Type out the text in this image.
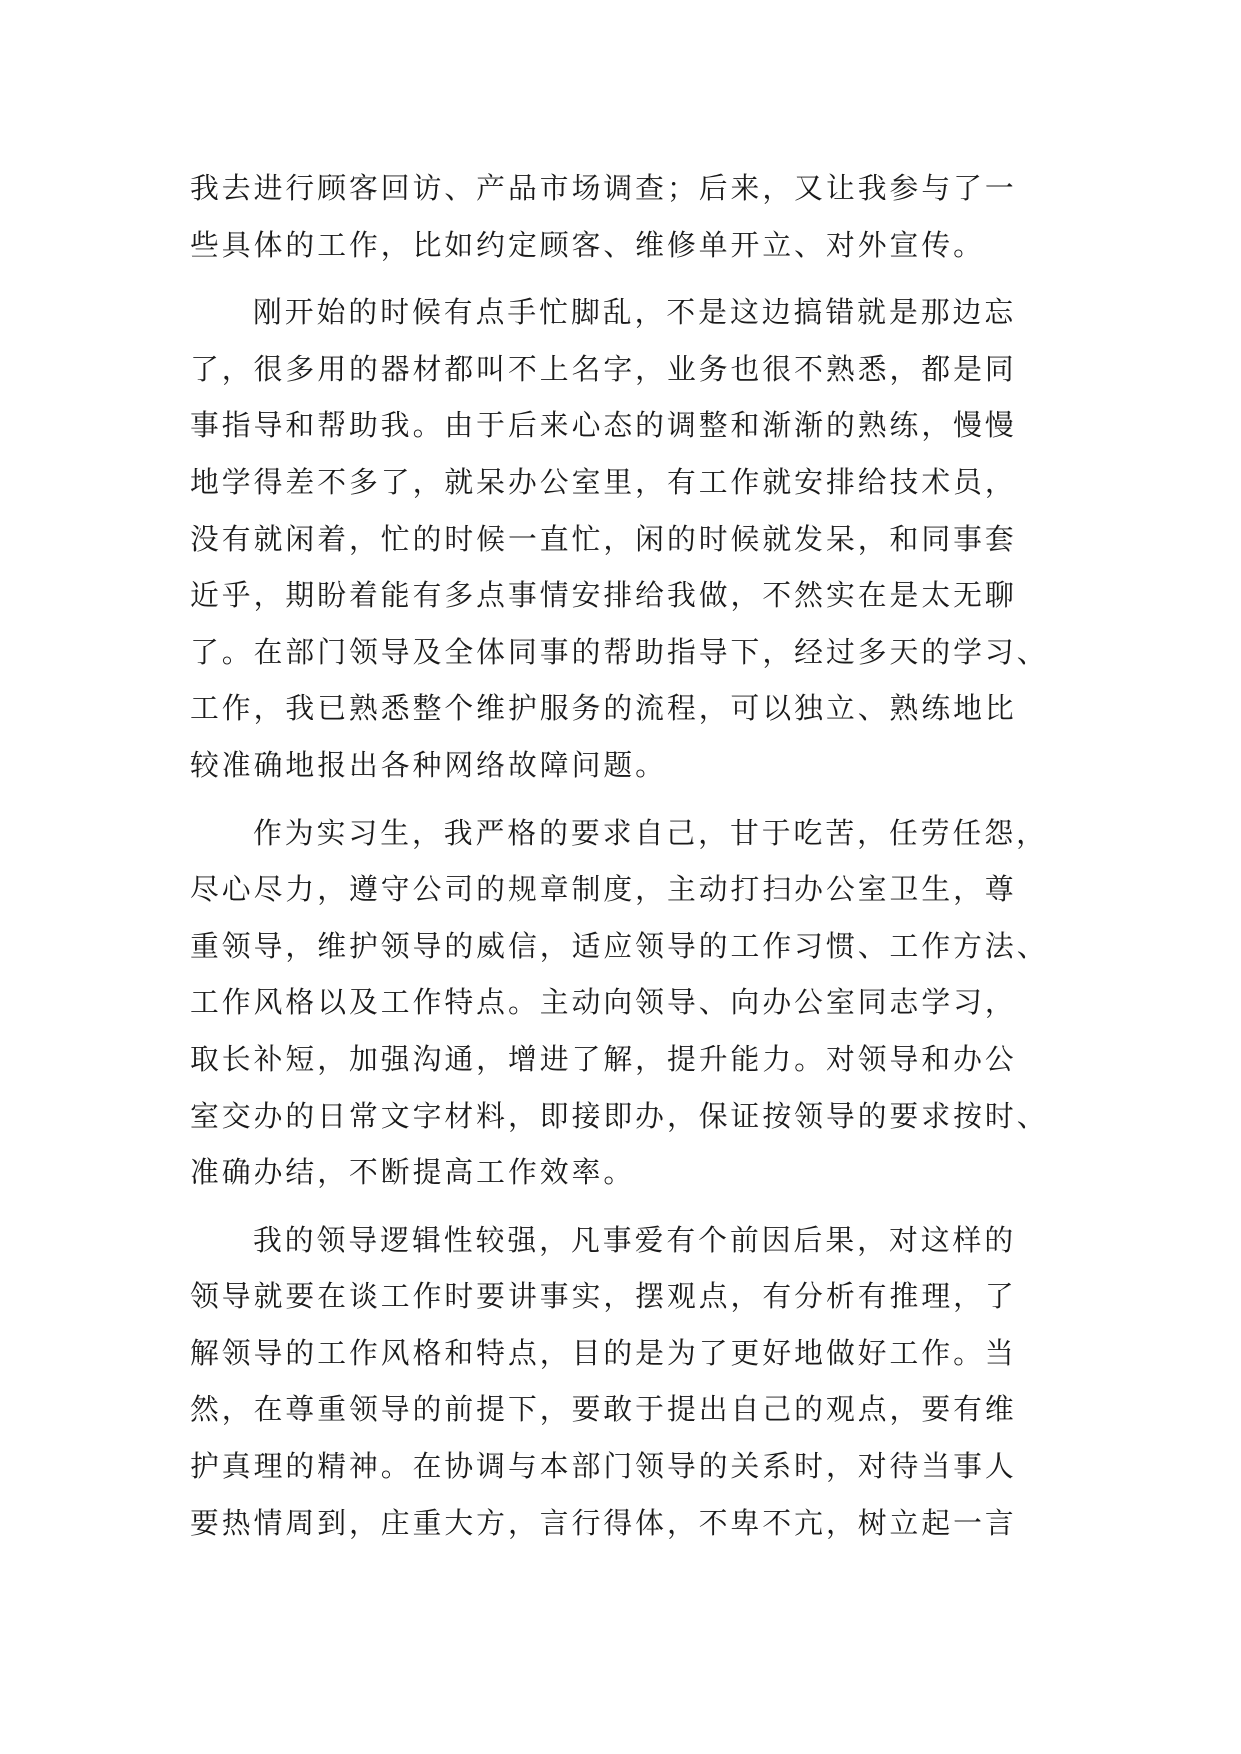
我去进行顾客回访、产品市场调查；后来，又让我参与了一
些具体的工作，比如约定顾客、维修单开立、对外宣传。
刚开始的时候有点手忙脚乱，不是这边搞错就是那边忘
了，很多用的器材都叫不上名字，业务也很不熟悉，都是同
事指导和帮助我。由于后来心态的调整和渐渐的熟练，慢慢
地学得差不多了，就呆办公室里，有工作就安排给技术员，
没有就闲着，忙的时候一直忙，闲的时候就发呆，和同事套
近乎，期盼着能有多点事情安排给我做，不然实在是太无聊
了。在部门领导及全体同事的帮助指导下，经过多天的学习、
工作，我已熟悉整个维护服务的流程，可以独立、熟练地比
较准确地报出各种网络故障问题。
作为实习生，我严格的要求自己，甘于吃苦，任劳任怨，
尽心尽力，遵守公司的规章制度，主动打扫办公室卫生，尊
重领导，维护领导的威信，适应领导的工作习惯、工作方法、
工作风格以及工作特点。主动向领导、向办公室同志学习，
取长补短，加强沟通，增进了解，提升能力。对领导和办公
室交办的日常文字材料，即接即办，保证按领导的要求按时、
准确办结，不断提高工作效率。
我的领导逻辑性较强，凡事爱有个前因后果，对这样的
领导就要在谈工作时要讲事实，摆观点，有分析有推理，了
解领导的工作风格和特点，目的是为了更好地做好工作。当
然，在尊重领导的前提下，要敢于提出自己的观点，要有维
护真理的精神。在协调与本部门领导的关系时，对待当事人
要热情周到，庄重大方，言行得体，不卑不亢，树立起一言
